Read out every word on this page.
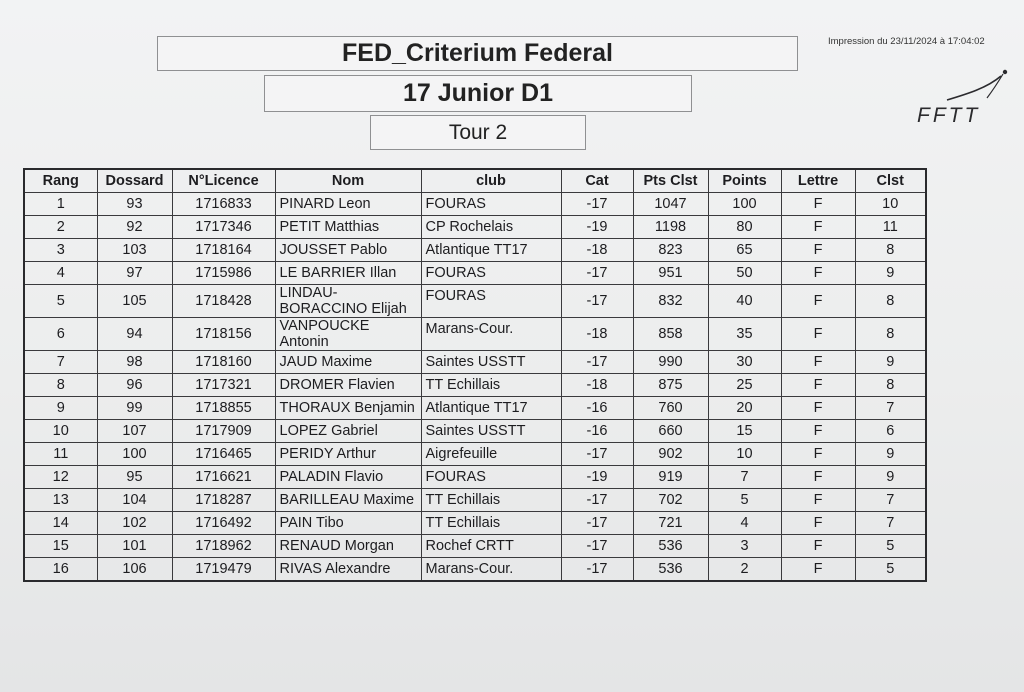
Impression du 23/11/2024 à 17:04:02
FED_Criterium Federal
17 Junior D1
Tour 2
FFTT
Rang	Dossard	N°Licence	Nom	club	Cat	Pts Clst	Points	Lettre	Clst
1	93	1716833	PINARD Leon	FOURAS	-17	1047	100	F	10
2	92	1717346	PETIT Matthias	CP Rochelais	-19	1198	80	F	11
3	103	1718164	JOUSSET Pablo	Atlantique TT17	-18	823	65	F	8
4	97	1715986	LE BARRIER Illan	FOURAS	-17	951	50	F	9
5	105	1718428	LINDAU-BORACCINO Elijah	FOURAS	-17	832	40	F	8
6	94	1718156	VANPOUCKE Antonin	Marans-Cour.	-18	858	35	F	8
7	98	1718160	JAUD Maxime	Saintes USSTT	-17	990	30	F	9
8	96	1717321	DROMER Flavien	TT Echillais	-18	875	25	F	8
9	99	1718855	THORAUX Benjamin	Atlantique TT17	-16	760	20	F	7
10	107	1717909	LOPEZ Gabriel	Saintes USSTT	-16	660	15	F	6
11	100	1716465	PERIDY Arthur	Aigrefeuille	-17	902	10	F	9
12	95	1716621	PALADIN Flavio	FOURAS	-19	919	7	F	9
13	104	1718287	BARILLEAU Maxime	TT Echillais	-17	702	5	F	7
14	102	1716492	PAIN Tibo	TT Echillais	-17	721	4	F	7
15	101	1718962	RENAUD Morgan	Rochef CRTT	-17	536	3	F	5
16	106	1719479	RIVAS Alexandre	Marans-Cour.	-17	536	2	F	5
